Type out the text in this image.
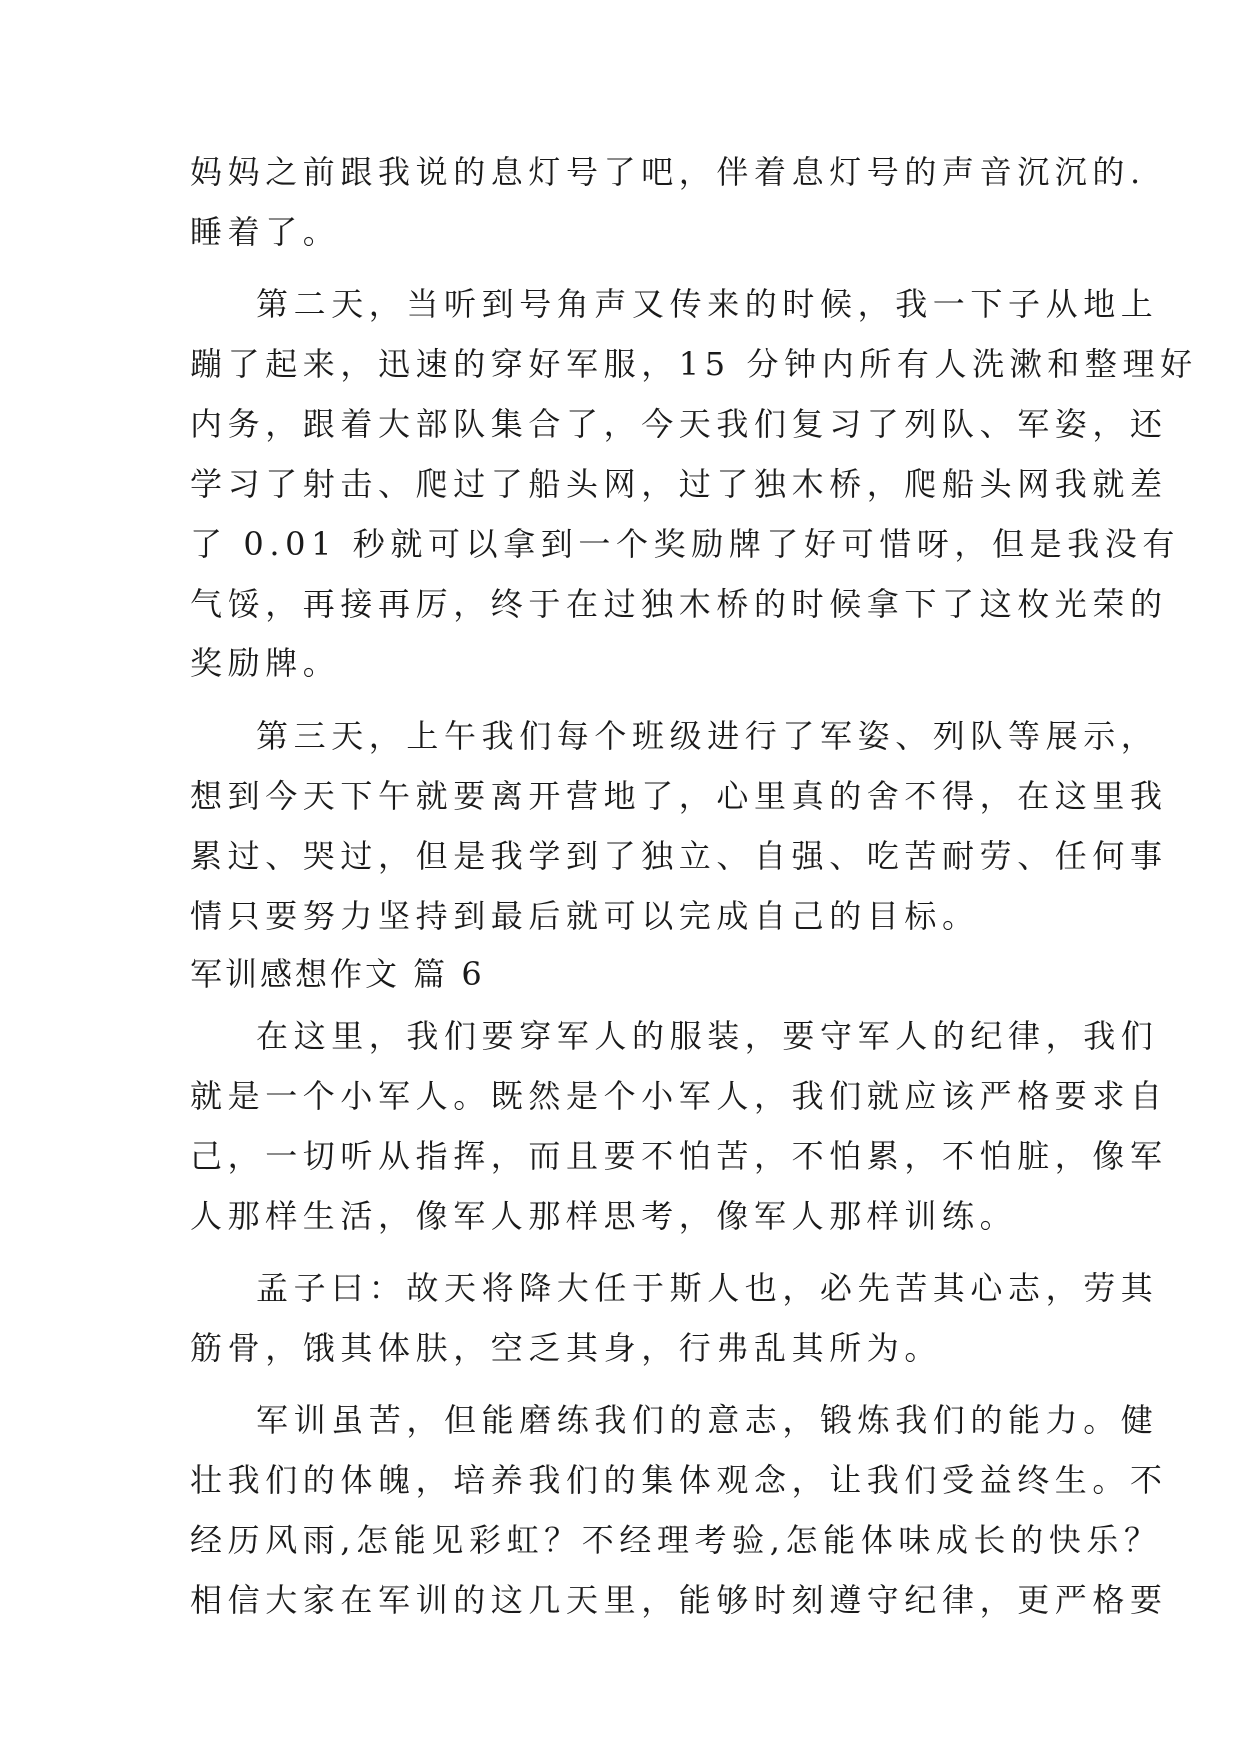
妈妈之前跟我说的息灯号了吧，伴着息灯号的声音沉沉的.
睡着了。
第二天，当听到号角声又传来的时候，我一下子从地上
蹦了起来，迅速的穿好军服，15 分钟内所有人洗漱和整理好
内务，跟着大部队集合了，今天我们复习了列队、军姿，还
学习了射击、爬过了船头网，过了独木桥，爬船头网我就差
了 0.01 秒就可以拿到一个奖励牌了好可惜呀，但是我没有
气馁，再接再厉，终于在过独木桥的时候拿下了这枚光荣的
奖励牌。
第三天，上午我们每个班级进行了军姿、列队等展示，
想到今天下午就要离开营地了，心里真的舍不得，在这里我
累过、哭过，但是我学到了独立、自强、吃苦耐劳、任何事
情只要努力坚持到最后就可以完成自己的目标。
军训感想作文 篇 6
在这里，我们要穿军人的服装，要守军人的纪律，我们
就是一个小军人。既然是个小军人，我们就应该严格要求自
己，一切听从指挥，而且要不怕苦，不怕累，不怕脏，像军
人那样生活，像军人那样思考，像军人那样训练。
孟子曰：故天将降大任于斯人也，必先苦其心志，劳其
筋骨，饿其体肤，空乏其身，行弗乱其所为。
军训虽苦，但能磨练我们的意志，锻炼我们的能力。健
壮我们的体魄，培养我们的集体观念，让我们受益终生。不
经历风雨,怎能见彩虹？不经理考验,怎能体味成长的快乐？
相信大家在军训的这几天里，能够时刻遵守纪律，更严格要
